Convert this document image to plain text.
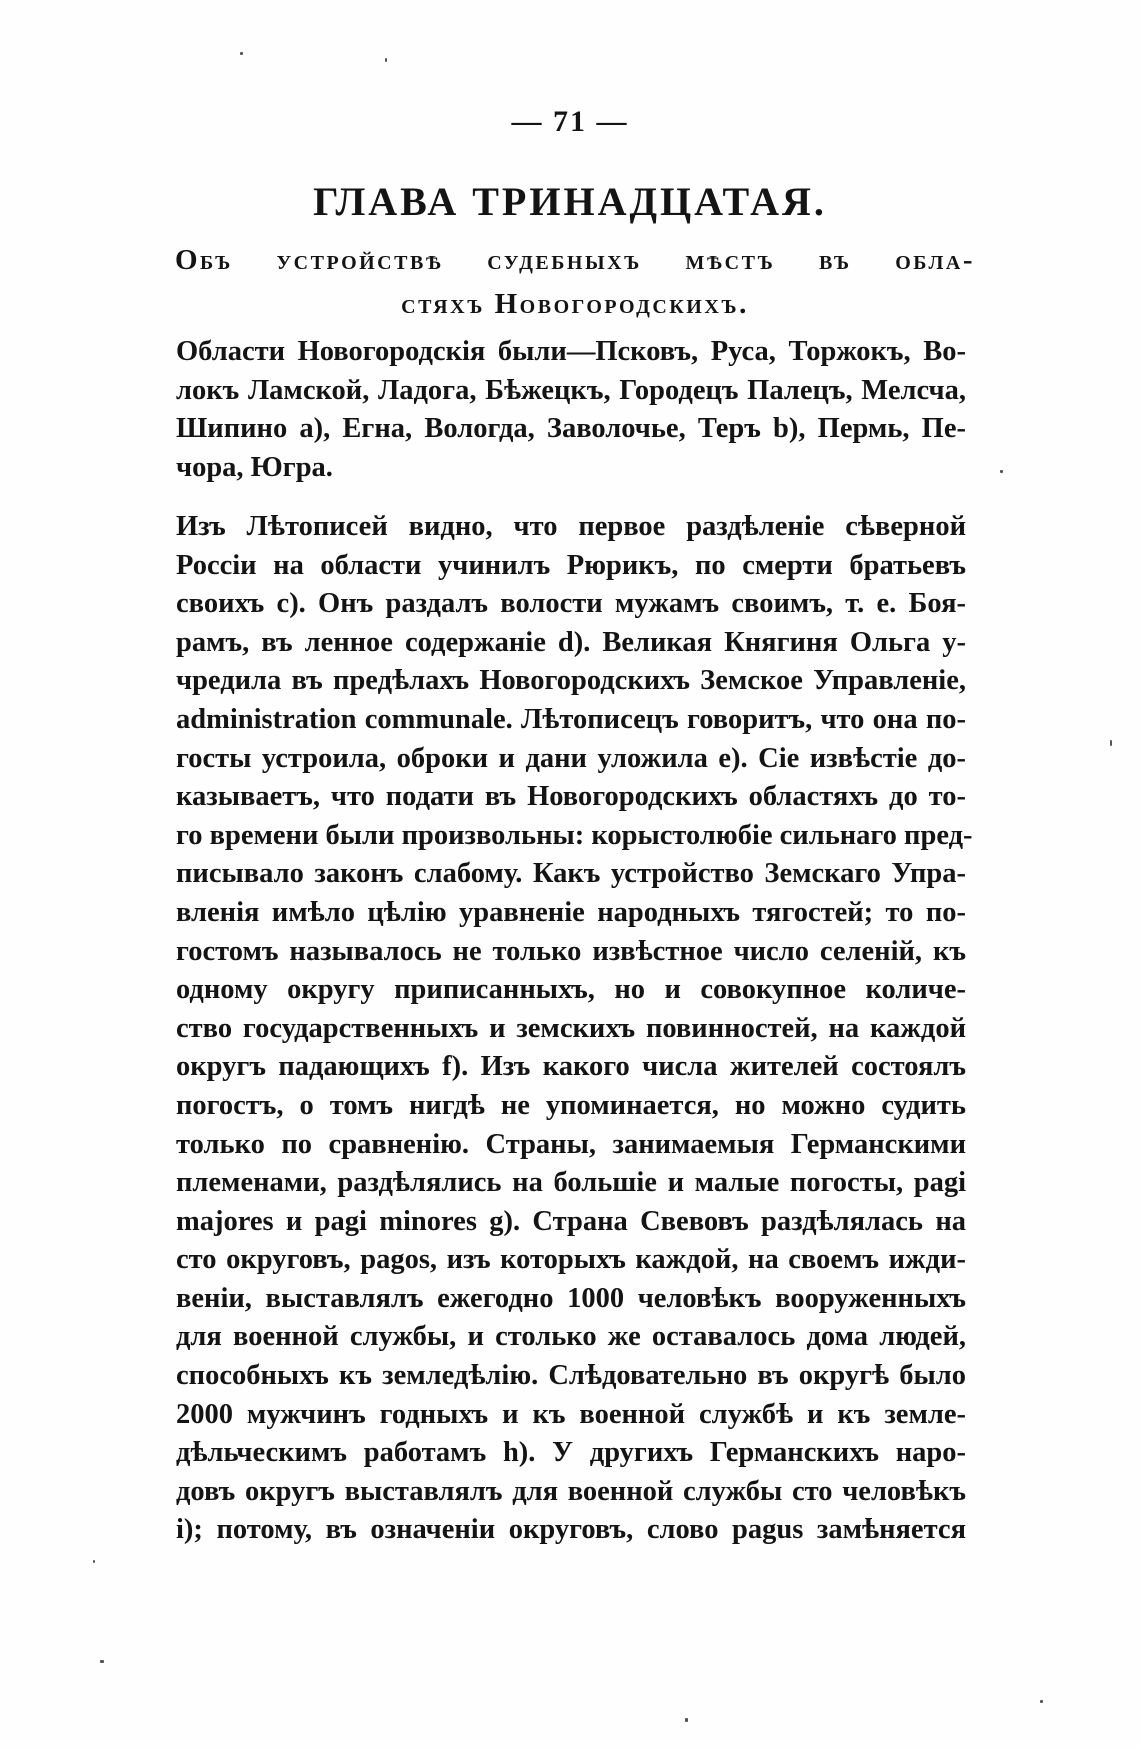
— 71 —
ГЛАВА ТРИНАДЦАТАЯ.
Объ устройствѣ судебныхъ мѣстъ въ обла-
стяхъ Новогородскихъ.
Области Новогородскія были—Псковъ, Руса, Торжокъ, Во-
локъ Ламской, Ладога, Бѣжецкъ, Городецъ Палецъ, Мелсча,
Шипино a), Егна, Вологда, Заволочье, Теръ b), Пермь, Пе-
чора, Югра.
Изъ Лѣтописей видно, что первое раздѣленіе сѣверной
Россіи на области учинилъ Рюрикъ, по смерти братьевъ
своихъ c). Онъ раздалъ волости мужамъ своимъ, т. е. Боя-
рамъ, въ ленное содержаніе d). Великая Княгиня Ольга у-
чредила въ предѣлахъ Новогородскихъ Земское Управленіе,
administration communale. Лѣтописецъ говоритъ, что она по-
госты устроила, оброки и дани уложила e). Сіе извѣстіе до-
казываетъ, что подати въ Новогородскихъ областяхъ до то-
го времени были произвольны: корыстолюбіе сильнаго пред-
писывало законъ слабому. Какъ устройство Земскаго Упра-
вленія имѣло цѣлію уравненіе народныхъ тягостей; то по-
гостомъ называлось не только извѣстное число селеній, къ
одному округу приписанныхъ, но и совокупное количе-
ство государственныхъ и земскихъ повинностей, на каждой
округъ падающихъ f). Изъ какого числа жителей состоялъ
погостъ, о томъ нигдѣ не упоминается, но можно судить
только по сравненію. Страны, занимаемыя Германскими
племенами, раздѣлялись на большіе и малые погосты, pagi
majores и pagi minores g). Страна Свевовъ раздѣлялась на
сто округовъ, pagos, изъ которыхъ каждой, на своемъ ижди-
веніи, выставлялъ ежегодно 1000 человѣкъ вооруженныхъ
для военной службы, и столько же оставалось дома людей,
способныхъ къ земледѣлію. Слѣдовательно въ округѣ было
2000 мужчинъ годныхъ и къ военной службѣ и къ земле-
дѣльческимъ работамъ h). У другихъ Германскихъ наро-
довъ округъ выставлялъ для военной службы сто человѣкъ
i); потому, въ означеніи округовъ, слово pagus замѣняется
